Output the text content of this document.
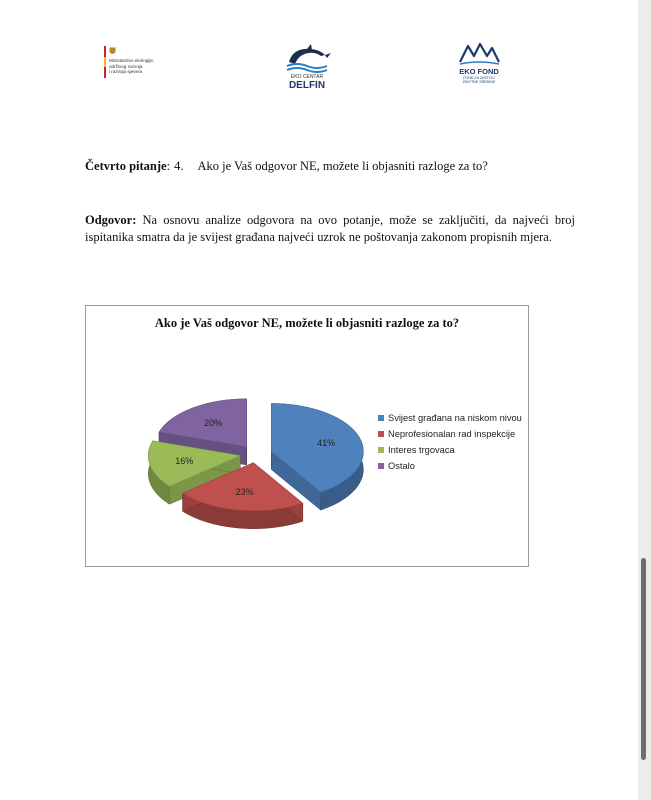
Ministarstvo ekologije,
održivog razvoja
i razvoja sjevera
EKO CENTAR
DELFIN
EKO FOND
FOND ZA ZAŠTITU
ŽIVOTNE SREDINE
Četvrto pitanje: 4. Ako je Vaš odgovor NE, možete li objasniti razloge za to?
Odgovor: Na osnovu analize odgovora na ovo potanje, može se zaključiti, da najveći broj ispitanika smatra da je svijest građana najveći uzrok ne poštovanja zakonom propisnih mjera.
Ako je Vaš odgovor NE, možete li objasniti razloge za to?
41%
23%
16%
20%	Svijest građana na niskom nivou
Neprofesionalan rad inspekcije
Interes trgovaca
Ostalo
